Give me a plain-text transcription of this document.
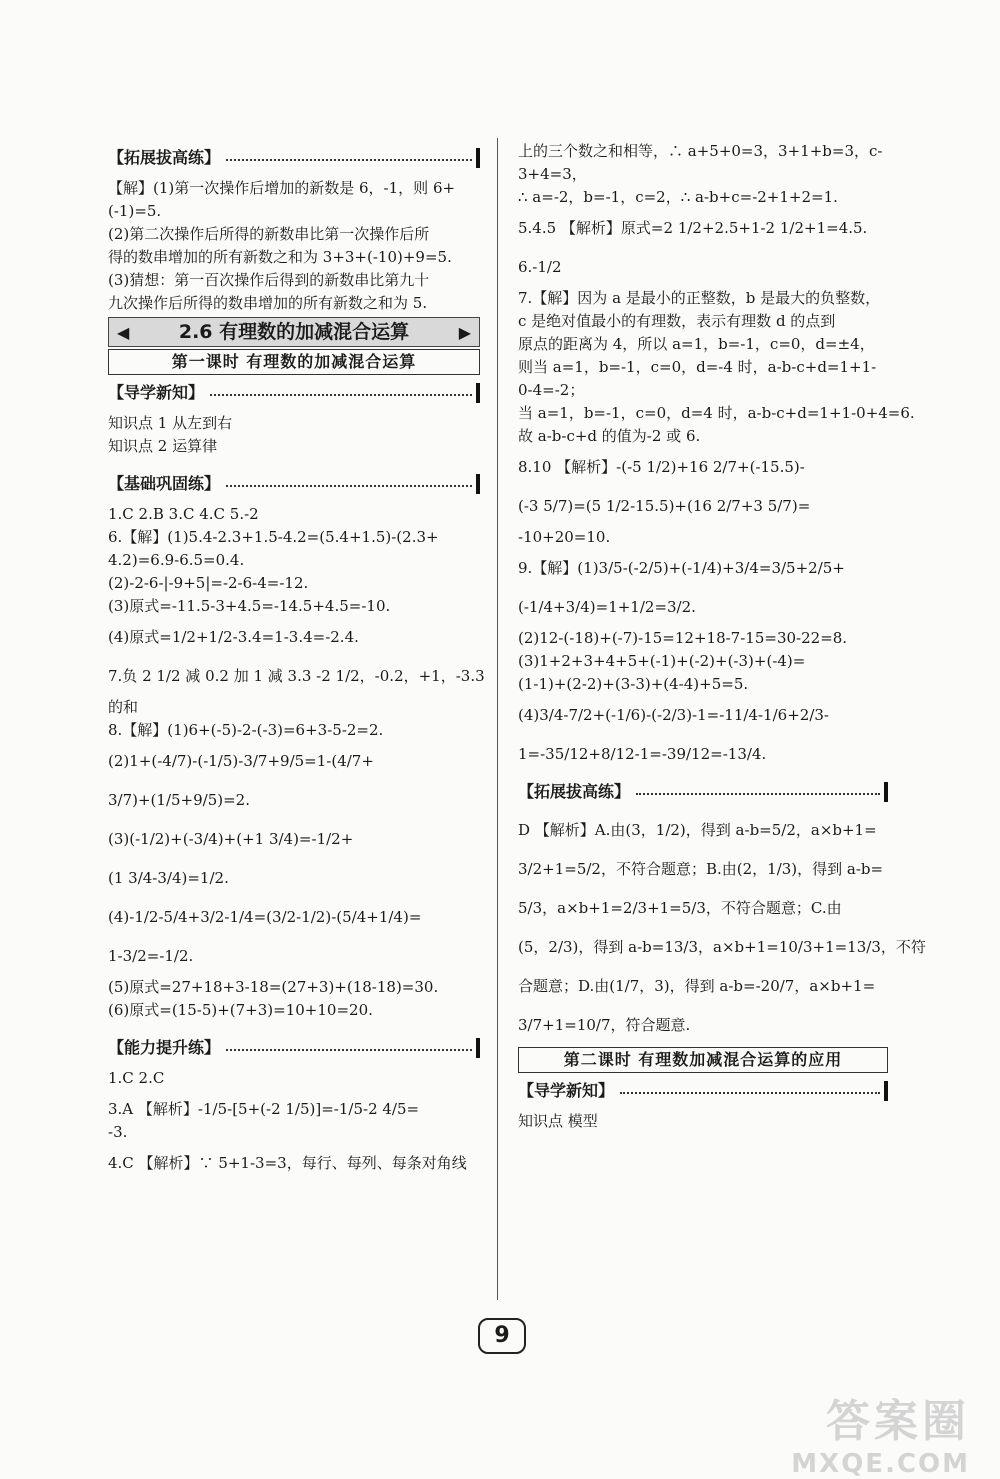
【拓展拔高练】
【解】(1)第一次操作后增加的新数是 6，-1，则 6+
(-1)=5.
(2)第二次操作后所得的新数串比第一次操作后所
得的数串增加的所有新数之和为 3+3+(-10)+9=5.
(3)猜想：第一百次操作后得到的新数串比第九十
九次操作后所得的数串增加的所有新数之和为 5.
◀	2.6 有理数的加减混合运算	▶
第一课时 有理数的加减混合运算
【导学新知】
知识点 1 从左到右
知识点 2 运算律
【基础巩固练】
1.C 2.B 3.C 4.C 5.-2
6.【解】(1)5.4-2.3+1.5-4.2=(5.4+1.5)-(2.3+
4.2)=6.9-6.5=0.4.
(2)-2-6-|-9+5|=-2-6-4=-12.
(3)原式=-11.5-3+4.5=-14.5+4.5=-10.
(4)原式=1/2+1/2-3.4=1-3.4=-2.4.
7.负 2 1/2 减 0.2 加 1 减 3.3 -2 1/2，-0.2，+1，-3.3
的和
8.【解】(1)6+(-5)-2-(-3)=6+3-5-2=2.
(2)1+(-4/7)-(-1/5)-3/7+9/5=1-(4/7+
3/7)+(1/5+9/5)=2.
(3)(-1/2)+(-3/4)+(+1 3/4)=-1/2+
(1 3/4-3/4)=1/2.
(4)-1/2-5/4+3/2-1/4=(3/2-1/2)-(5/4+1/4)=
1-3/2=-1/2.
(5)原式=27+18+3-18=(27+3)+(18-18)=30.
(6)原式=(15-5)+(7+3)=10+10=20.
【能力提升练】
1.C 2.C
3.A 【解析】-1/5-[5+(-2 1/5)]=-1/5-2 4/5=
-3.
4.C 【解析】∵ 5+1-3=3，每行、每列、每条对角线
上的三个数之和相等，∴ a+5+0=3，3+1+b=3，c-
3+4=3，
∴ a=-2，b=-1，c=2，∴ a-b+c=-2+1+2=1.
5.4.5 【解析】原式=2 1/2+2.5+1-2 1/2+1=4.5.
6.-1/2
7.【解】因为 a 是最小的正整数，b 是最大的负整数，
c 是绝对值最小的有理数，表示有理数 d 的点到
原点的距离为 4，所以 a=1，b=-1，c=0，d=±4，
则当 a=1，b=-1，c=0，d=-4 时，a-b-c+d=1+1-
0-4=-2；
当 a=1，b=-1，c=0，d=4 时，a-b-c+d=1+1-0+4=6.
故 a-b-c+d 的值为-2 或 6.
8.10 【解析】-(-5 1/2)+16 2/7+(-15.5)-
(-3 5/7)=(5 1/2-15.5)+(16 2/7+3 5/7)=
-10+20=10.
9.【解】(1)3/5-(-2/5)+(-1/4)+3/4=3/5+2/5+
(-1/4+3/4)=1+1/2=3/2.
(2)12-(-18)+(-7)-15=12+18-7-15=30-22=8.
(3)1+2+3+4+5+(-1)+(-2)+(-3)+(-4)=
(1-1)+(2-2)+(3-3)+(4-4)+5=5.
(4)3/4-7/2+(-1/6)-(-2/3)-1=-11/4-1/6+2/3-
1=-35/12+8/12-1=-39/12=-13/4.
【拓展拔高练】
D 【解析】A.由(3，1/2)，得到 a-b=5/2，a×b+1=
3/2+1=5/2，不符合题意；B.由(2，1/3)，得到 a-b=
5/3，a×b+1=2/3+1=5/3，不符合题意；C.由
(5，2/3)，得到 a-b=13/3，a×b+1=10/3+1=13/3，不符
合题意；D.由(1/7，3)，得到 a-b=-20/7，a×b+1=
3/7+1=10/7，符合题意.
第二课时 有理数加减混合运算的应用
【导学新知】
知识点 模型
9
答案圈
MXQE.COM
